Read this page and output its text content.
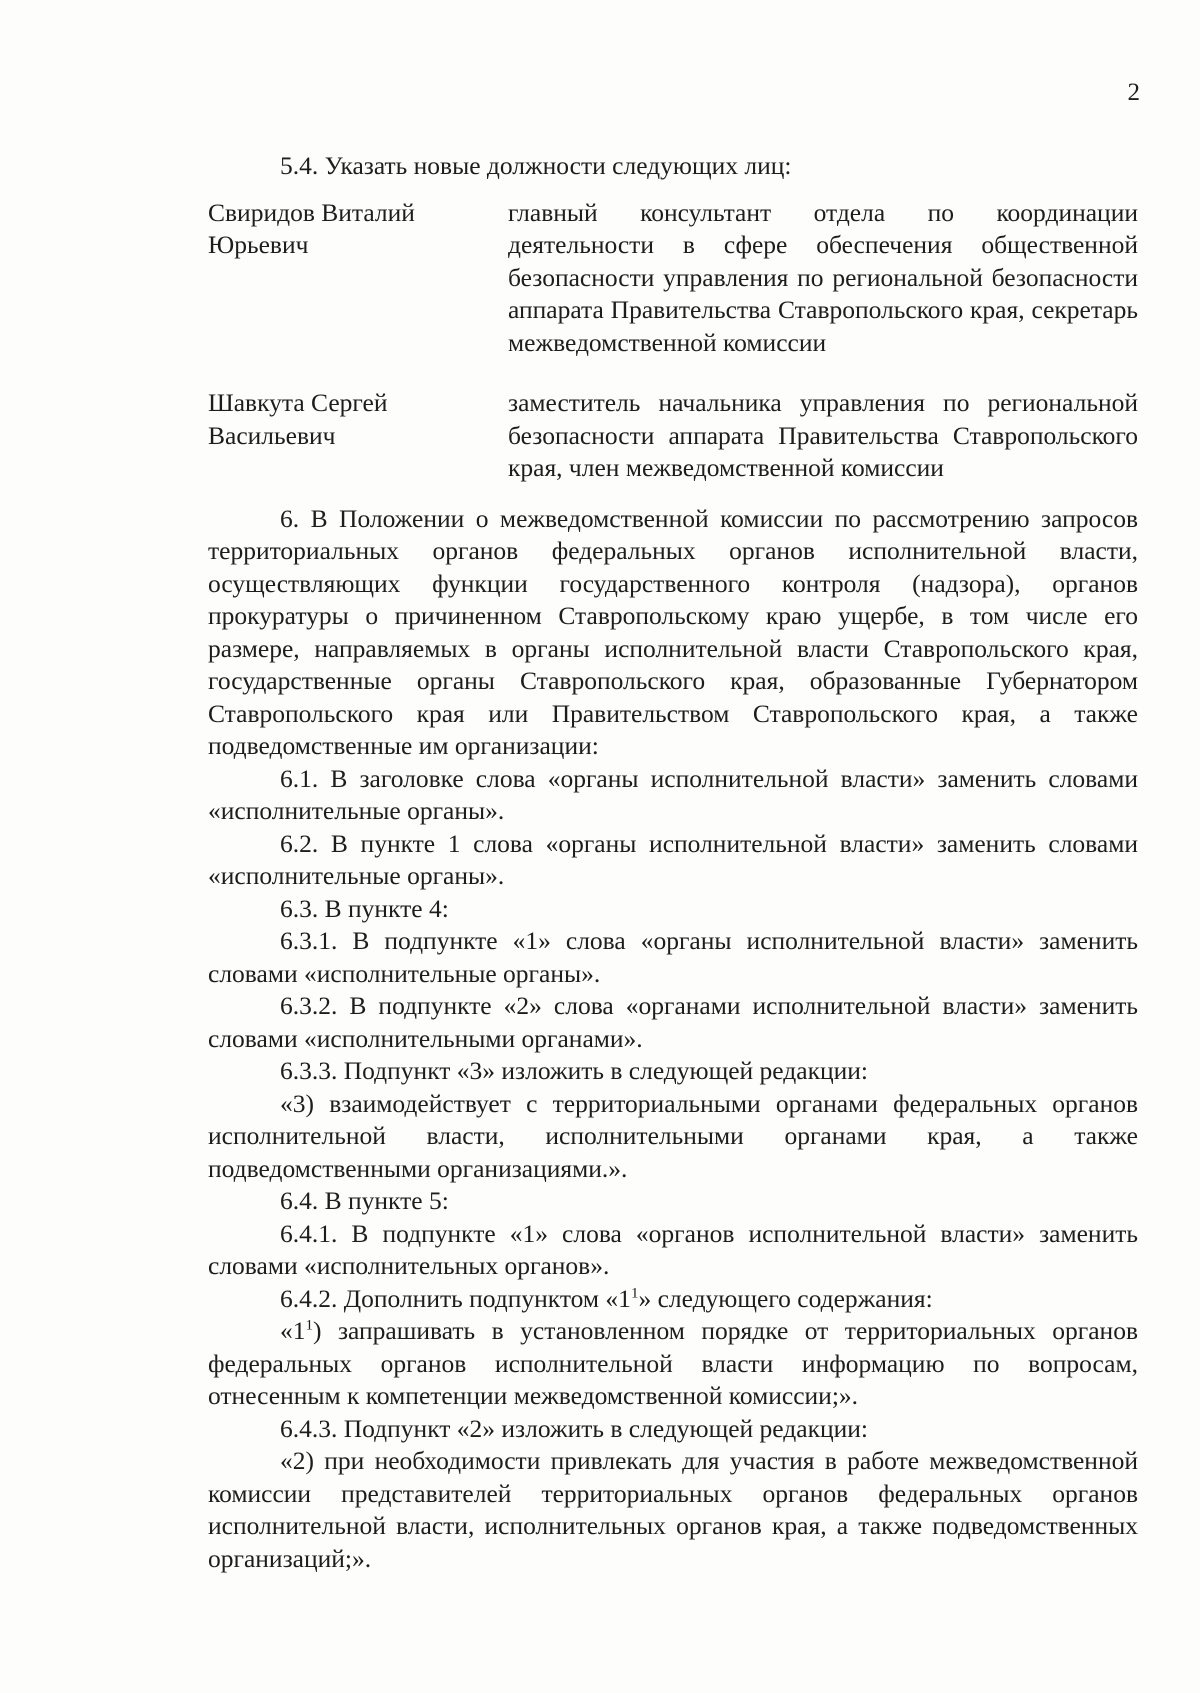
2

5.4. Указать новые должности следующих лиц:

Свиридов Виталий
Юрьевич

главный консультант отдела по координации деятельности в сфере обеспечения общественной безопасности управления по региональной безопасности аппарата Правительства Ставропольского края, секретарь межведомственной комиссии

Шавкута Сергей
Васильевич

заместитель начальника управления по региональной безопасности аппарата Правительства Ставропольского края, член межведомственной комиссии

6. В Положении о межведомственной комиссии по рассмотрению запросов территориальных органов федеральных органов исполнительной власти, осуществляющих функции государственного контроля (надзора), органов прокуратуры о причиненном Ставропольскому краю ущербе, в том числе его размере, направляемых в органы исполнительной власти Ставропольского края, государственные органы Ставропольского края, образованные Губернатором Ставропольского края или Правительством Ставропольского края, а также подведомственные им организации:

6.1. В заголовке слова «органы исполнительной власти» заменить словами «исполнительные органы».

6.2. В пункте 1 слова «органы исполнительной власти» заменить словами «исполнительные органы».

6.3. В пункте 4:

6.3.1. В подпункте «1» слова «органы исполнительной власти» заменить словами «исполнительные органы».

6.3.2. В подпункте «2» слова «органами исполнительной власти» заменить словами «исполнительными органами».

6.3.3. Подпункт «3» изложить в следующей редакции:

«3) взаимодействует с территориальными органами федеральных органов исполнительной власти, исполнительными органами края, а также подведомственными организациями.».

6.4. В пункте 5:

6.4.1. В подпункте «1» слова «органов исполнительной власти» заменить словами «исполнительных органов».

6.4.2. Дополнить подпунктом «$1^1$» следующего содержания:

«$1^1$) запрашивать в установленном порядке от территориальных органов федеральных органов исполнительной власти информацию по вопросам, отнесенным к компетенции межведомственной комиссии;».

6.4.3. Подпункт «2» изложить в следующей редакции:

«2) при необходимости привлекать для участия в работе межведомственной комиссии представителей территориальных органов федеральных органов исполнительной власти, исполнительных органов края, а также подведомственных организаций;».
